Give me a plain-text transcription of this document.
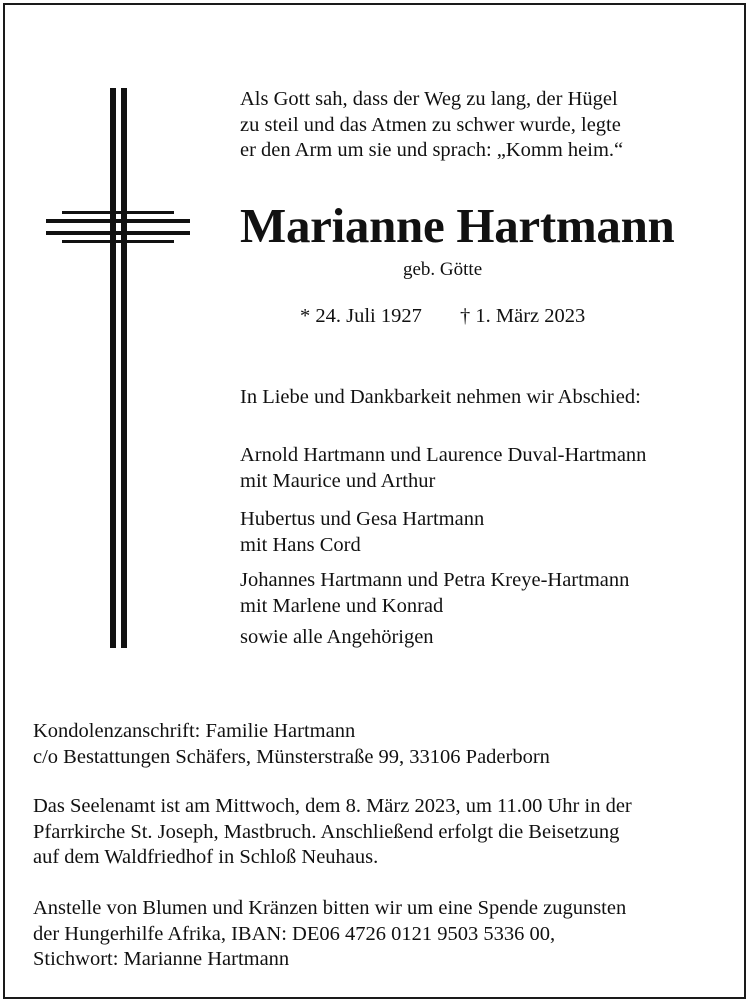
Als Gott sah, dass der Weg zu lang, der Hügel
zu steil und das Atmen zu schwer wurde, legte
er den Arm um sie und sprach: „Komm heim.“
Marianne Hartmann
geb. Götte
* 24. Juli 1927 † 1. März 2023
In Liebe und Dankbarkeit nehmen wir Abschied:
Arnold Hartmann und Laurence Duval-Hartmann
mit Maurice und Arthur
Hubertus und Gesa Hartmann
mit Hans Cord
Johannes Hartmann und Petra Kreye-Hartmann
mit Marlene und Konrad
sowie alle Angehörigen
Kondolenzanschrift: Familie Hartmann
c/o Bestattungen Schäfers, Münsterstraße 99, 33106 Paderborn
Das Seelenamt ist am Mittwoch, dem 8. März 2023, um 11.00 Uhr in der
Pfarrkirche St. Joseph, Mastbruch. Anschließend erfolgt die Beisetzung
auf dem Waldfriedhof in Schloß Neuhaus.
Anstelle von Blumen und Kränzen bitten wir um eine Spende zugunsten
der Hungerhilfe Afrika, IBAN: DE06 4726 0121 9503 5336 00,
Stichwort: Marianne Hartmann
